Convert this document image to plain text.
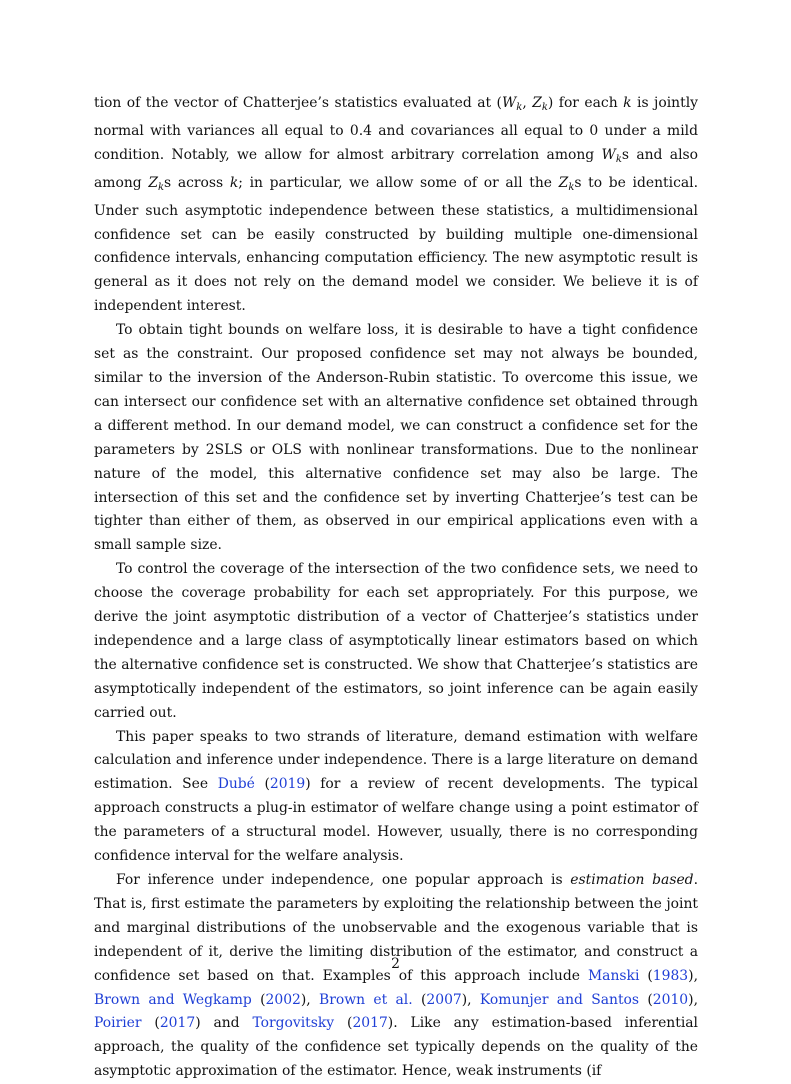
tion of the vector of Chatterjee’s statistics evaluated at ($W_k$, $Z_k$) for each k is jointly normal with variances all equal to 0.4 and covariances all equal to 0 under a mild condition. Notably, we allow for almost arbitrary correlation among $W_ks$ and also among $Z_ks$ across k; in particular, we allow some of or all the $Z_ks$ to be identical. Under such asymptotic independence between these statistics, a multidimensional confidence set can be easily constructed by building multiple one-dimensional confidence intervals, enhancing computation efficiency. The new asymptotic result is general as it does not rely on the demand model we consider. We believe it is of independent interest.

To obtain tight bounds on welfare loss, it is desirable to have a tight confidence set as the constraint. Our proposed confidence set may not always be bounded, similar to the inversion of the Anderson-Rubin statistic. To overcome this issue, we can intersect our confidence set with an alternative confidence set obtained through a different method. In our demand model, we can construct a confidence set for the parameters by 2SLS or OLS with nonlinear transformations. Due to the nonlinear nature of the model, this alternative confidence set may also be large. The intersection of this set and the confidence set by inverting Chatterjee’s test can be tighter than either of them, as observed in our empirical applications even with a small sample size.

To control the coverage of the intersection of the two confidence sets, we need to choose the coverage probability for each set appropriately. For this purpose, we derive the joint asymptotic distribution of a vector of Chatterjee’s statistics under independence and a large class of asymptotically linear estimators based on which the alternative confidence set is constructed. We show that Chatterjee’s statistics are asymptotically independent of the estimators, so joint inference can be again easily carried out.

This paper speaks to two strands of literature, demand estimation with welfare calculation and inference under independence. There is a large literature on demand estimation. See Dubé (2019) for a review of recent developments. The typical approach constructs a plug-in estimator of welfare change using a point estimator of the parameters of a structural model. However, usually, there is no corresponding confidence interval for the welfare analysis.

For inference under independence, one popular approach is estimation based. That is, first estimate the parameters by exploiting the relationship between the joint and marginal distributions of the unobservable and the exogenous variable that is independent of it, derive the limiting distribution of the estimator, and construct a confidence set based on that. Examples of this approach include Manski (1983), Brown and Wegkamp (2002), Brown et al. (2007), Komunjer and Santos (2010), Poirier (2017) and Torgovitsky (2017). Like any estimation-based inferential approach, the quality of the confidence set typically depends on the quality of the asymptotic approximation of the estimator. Hence, weak instruments (if

2
